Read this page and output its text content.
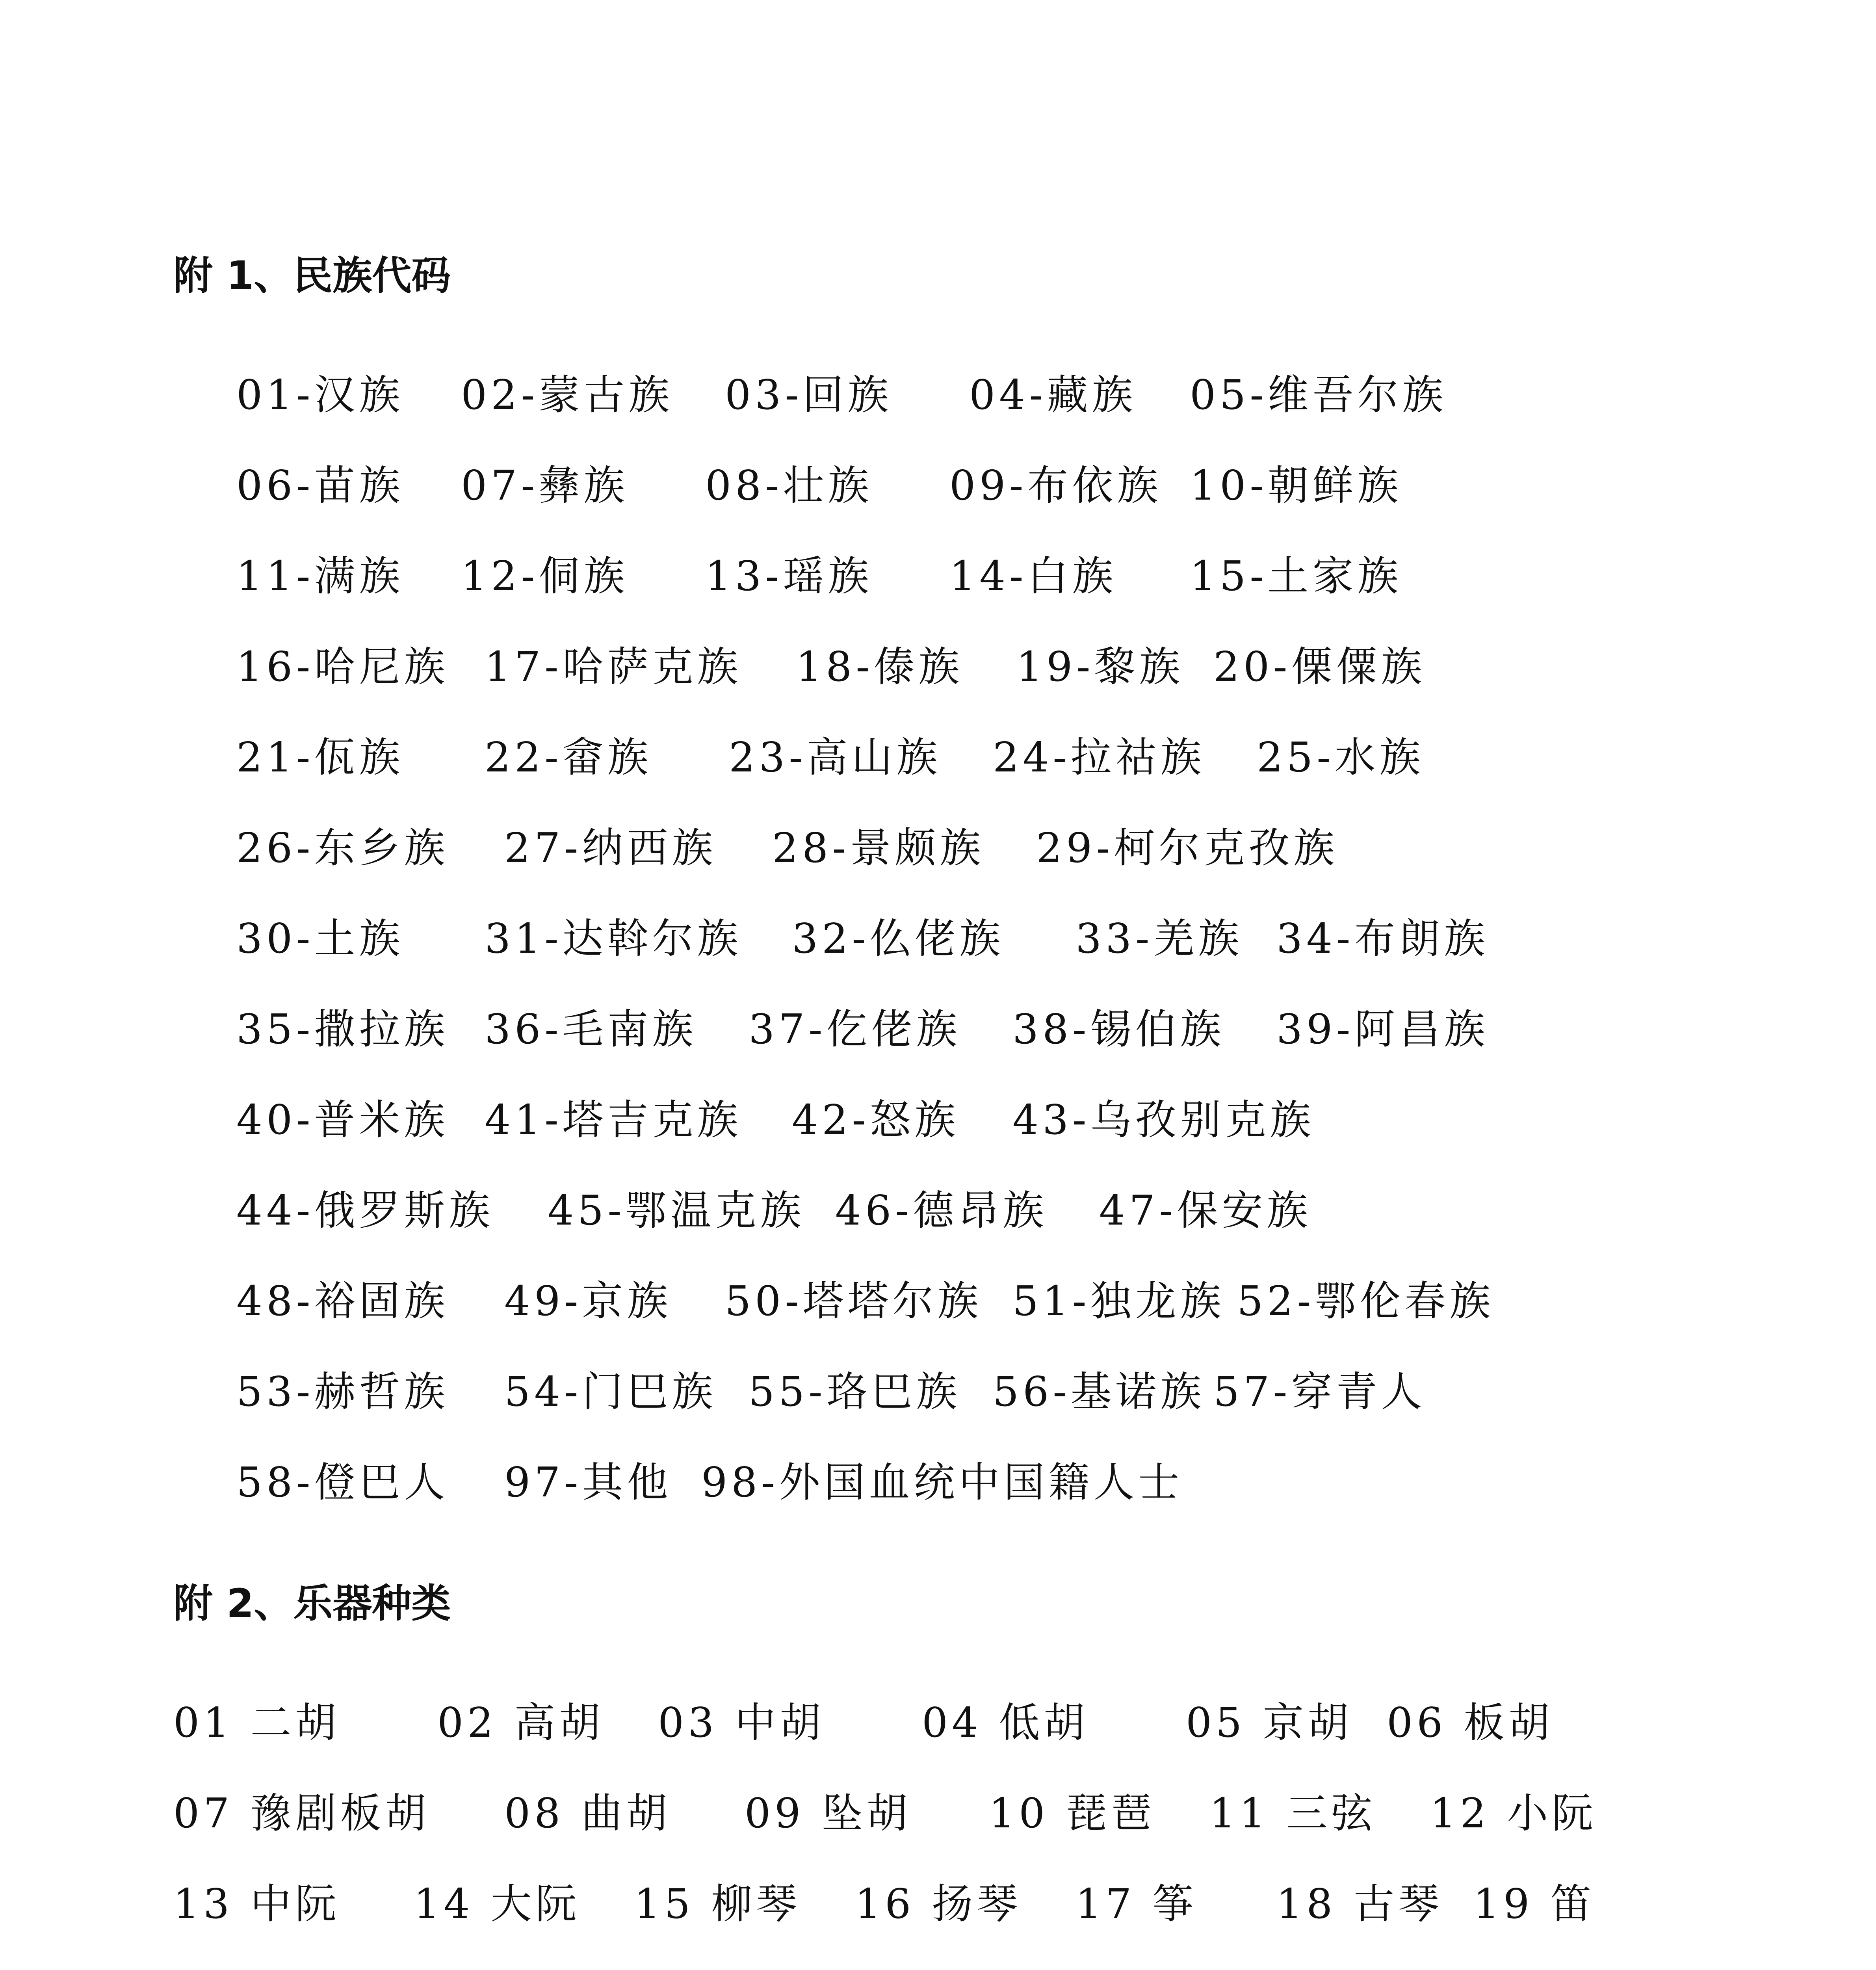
附 1、民族代码
01-汉族 02-蒙古族 03-回族 04-藏族 05-维吾尔族
06-苗族 07-彝族 08-壮族 09-布依族 10-朝鲜族
11-满族 12-侗族 13-瑶族 14-白族 15-土家族
16-哈尼族 17-哈萨克族 18-傣族 19-黎族 20-傈僳族
21-佤族 22-畲族 23-高山族 24-拉祜族 25-水族
26-东乡族 27-纳西族 28-景颇族 29-柯尔克孜族
30-土族 31-达斡尔族 32-仫佬族 33-羌族 34-布朗族
35-撒拉族 36-毛南族 37-仡佬族 38-锡伯族 39-阿昌族
40-普米族 41-塔吉克族 42-怒族 43-乌孜别克族
44-俄罗斯族 45-鄂温克族 46-德昂族 47-保安族
48-裕固族 49-京族 50-塔塔尔族 51-独龙族 52-鄂伦春族
53-赫哲族 54-门巴族 55-珞巴族 56-基诺族 57-穿青人
58-僜巴人 97-其他 98-外国血统中国籍人士
附 2、乐器种类
01 二胡 02 高胡 03 中胡 04 低胡 05 京胡 06 板胡
07 豫剧板胡 08 曲胡 09 坠胡 10 琵琶 11 三弦 12 小阮
13 中阮 14 大阮 15 柳琴 16 扬琴 17 筝 18 古琴 19 笛
